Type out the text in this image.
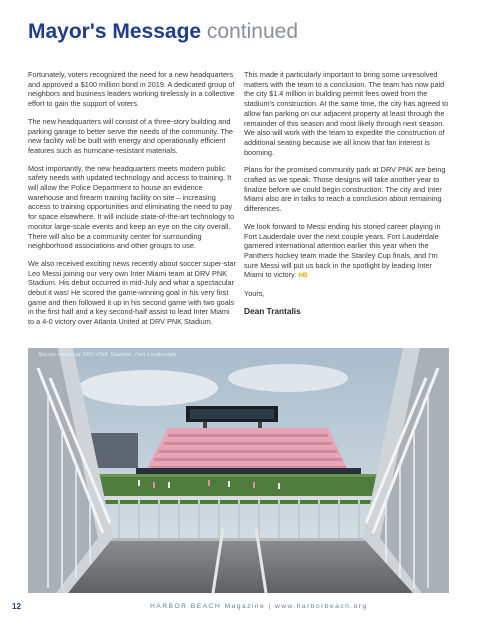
Mayor's Message continued

Fortunately, voters recognized the need for a new headquarters and approved a $100 million bond in 2019. A dedicated group of neighbors and business leaders working tirelessly in a collective effort to gain the support of voters.

The new headquarters will consist of a three-story building and parking garage to better serve the needs of the community. The new facility will be built with energy and operationally efficient features such as hurricane-resistant materials.

Most importantly, the new headquarters meets modern public safety needs with updated technology and access to training. It will allow the Police Department to house an evidence warehouse and firearm training facility on site – increasing access to training opportunities and eliminating the need to pay for space elsewhere. It will include state-of-the-art technology to monitor large-scale events and keep an eye on the city overall. There will also be a community center for surrounding neighborhood associations and other groups to use.

We also received exciting news recently about soccer super-star Leo Messi joining our very own Inter Miami team at DRV PNK Stadium. His debut occurred in mid-July and what a spectacular debut it was! He scored the game-winning goal in his very first game and then followed it up in his second game with two goals in the first half and a key second-half assist to lead Inter Miami to a 4-0 victory over Atlanta United at DRV PNK Stadium.

This made it particularly important to bring some unresolved matters with the team to a conclusion. The team has now paid the city $1.4 million in building permit fees owed from the stadium's construction. At the same time, the city has agreed to allow fan parking on our adjacent property at least through the remainder of this season and most likely through next season. We also will work with the team to expedite the construction of additional seating because we all know that fan interest is booming.

Plans for the promised community park at DRV PNK are being crafted as we speak. Those designs will take another year to finalize before we could begin construction. The city and Inter Miami also are in talks to reach a conclusion about remaining differences.

We look forward to Messi ending his storied career playing in Fort Lauderdale over the next couple years. Fort Lauderdale garnered international attention earlier this year when the Panthers hockey team made the Stanley Cup finals, and I'm sure Messi will put us back in the spotlight by leading Inter Miami to victory. HB

Yours,

Dean Trantalis

Soccer match at DRV PNK Stadium, Fort Lauderdale
12	HARBOR BEACH Magazine | www.harborbeach.org
